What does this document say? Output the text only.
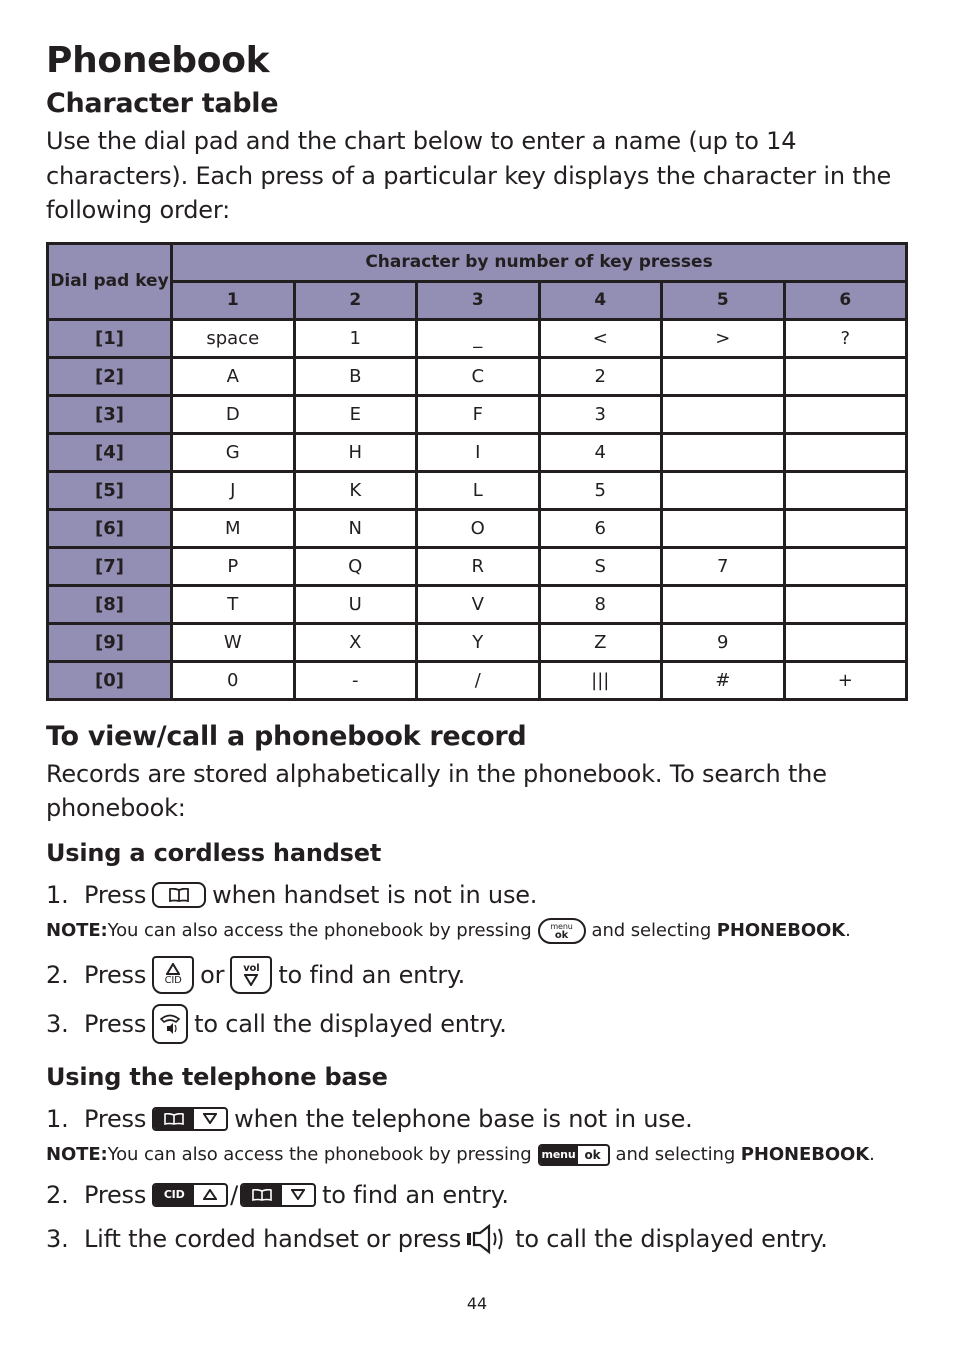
Phonebook
Character table

Use the dial pad and the chart below to enter a name (up to 14 characters). Each press of a particular key displays the character in the following order:

Dial pad key	Character by number of key presses					
	1	2	3	4	5	6
[1]	space	1	_	<	>	?
[2]	A	B	C	2		
[3]	D	E	F	3		
[4]	G	H	I	4		
[5]	J	K	L	5		
[6]	M	N	O	6		
[7]	P	Q	R	S	7	
[8]	T	U	V	8		
[9]	W	X	Y	Z	9	
[0]	0	-	/	|||	#	+
To view/call a phonebook record

Records are stored alphabetically in the phonebook. To search the phonebook:

Using a cordless handset
1. Press	when handset is not in use.
NOTE: You can also access the phonebook by pressing menu
ok and selecting
PHONEBOOK .
2. Press CID or vol to find an entry.
3. Press to call the displayed entry.
Using the telephone base
1. Press	when the telephone base is not in use.
NOTE: You can also access the phonebook by pressing menu ok and selecting
PHONEBOOK .
2. Press	CID	/	to find an entry.
3. Lift the corded handset or press to call the displayed entry.
44
